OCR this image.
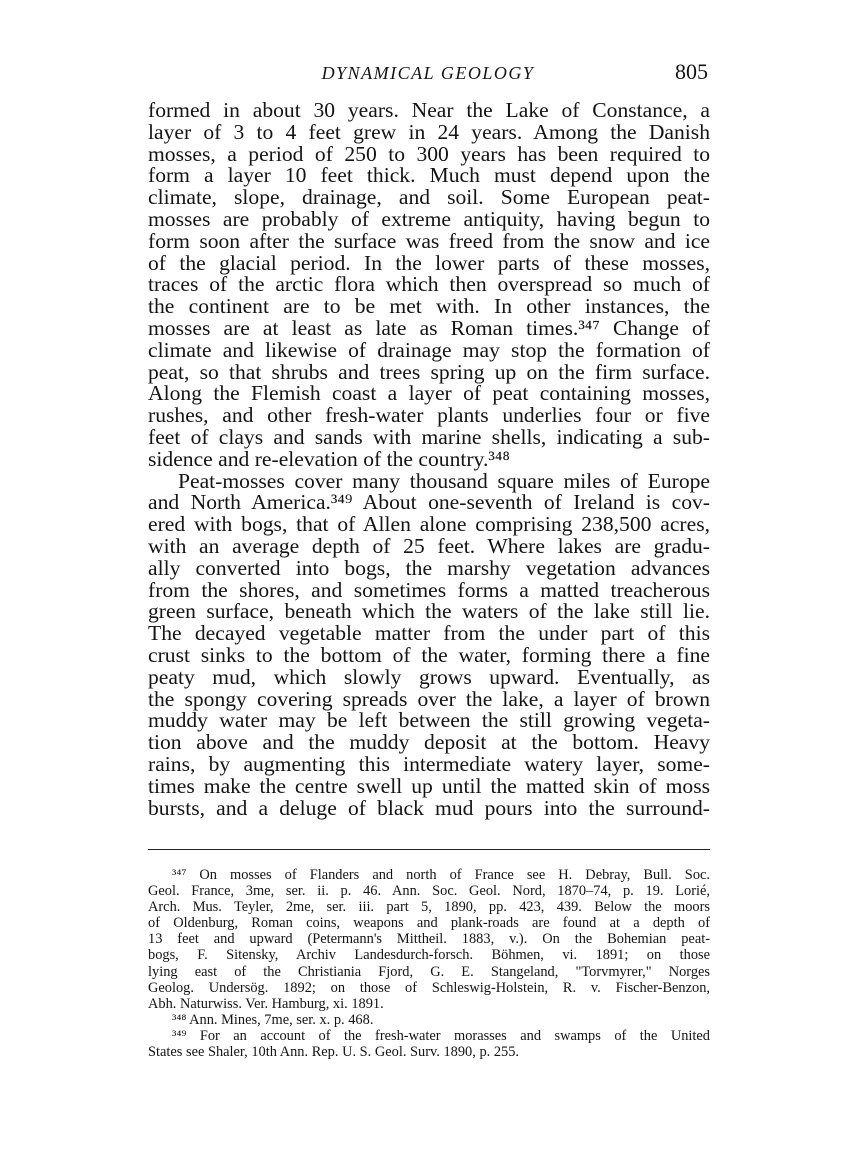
DYNAMICAL GEOLOGY	805
formed in about 30 years. Near the Lake of Constance, a
layer of 3 to 4 feet grew in 24 years. Among the Danish
mosses, a period of 250 to 300 years has been required to
form a layer 10 feet thick. Much must depend upon the
climate, slope, drainage, and soil. Some European peat-
mosses are probably of extreme antiquity, having begun to
form soon after the surface was freed from the snow and ice
of the glacial period. In the lower parts of these mosses,
traces of the arctic flora which then overspread so much of
the continent are to be met with. In other instances, the
mosses are at least as late as Roman times.³⁴⁷ Change of
climate and likewise of drainage may stop the formation of
peat, so that shrubs and trees spring up on the firm surface.
Along the Flemish coast a layer of peat containing mosses,
rushes, and other fresh-water plants underlies four or five
feet of clays and sands with marine shells, indicating a sub-
sidence and re-elevation of the country.³⁴⁸
Peat-mosses cover many thousand square miles of Europe
and North America.³⁴⁹ About one-seventh of Ireland is cov-
ered with bogs, that of Allen alone comprising 238,500 acres,
with an average depth of 25 feet. Where lakes are gradu-
ally converted into bogs, the marshy vegetation advances
from the shores, and sometimes forms a matted treacherous
green surface, beneath which the waters of the lake still lie.
The decayed vegetable matter from the under part of this
crust sinks to the bottom of the water, forming there a fine
peaty mud, which slowly grows upward. Eventually, as
the spongy covering spreads over the lake, a layer of brown
muddy water may be left between the still growing vegeta-
tion above and the muddy deposit at the bottom. Heavy
rains, by augmenting this intermediate watery layer, some-
times make the centre swell up until the matted skin of moss
bursts, and a deluge of black mud pours into the surround-
³⁴⁷ On mosses of Flanders and north of France see H. Debray, Bull. Soc.
Geol. France, 3me, ser. ii. p. 46. Ann. Soc. Geol. Nord, 1870–74, p. 19. Lorié,
Arch. Mus. Teyler, 2me, ser. iii. part 5, 1890, pp. 423, 439. Below the moors
of Oldenburg, Roman coins, weapons and plank-roads are found at a depth of
13 feet and upward (Petermann's Mittheil. 1883, v.). On the Bohemian peat-
bogs, F. Sitensky, Archiv Landesdurch-forsch. Böhmen, vi. 1891; on those
lying east of the Christiania Fjord, G. E. Stangeland, "Torvmyrer," Norges
Geolog. Undersög. 1892; on those of Schleswig-Holstein, R. v. Fischer-Benzon,
Abh. Naturwiss. Ver. Hamburg, xi. 1891.
³⁴⁸ Ann. Mines, 7me, ser. x. p. 468.
³⁴⁹ For an account of the fresh-water morasses and swamps of the United
States see Shaler, 10th Ann. Rep. U. S. Geol. Surv. 1890, p. 255.
